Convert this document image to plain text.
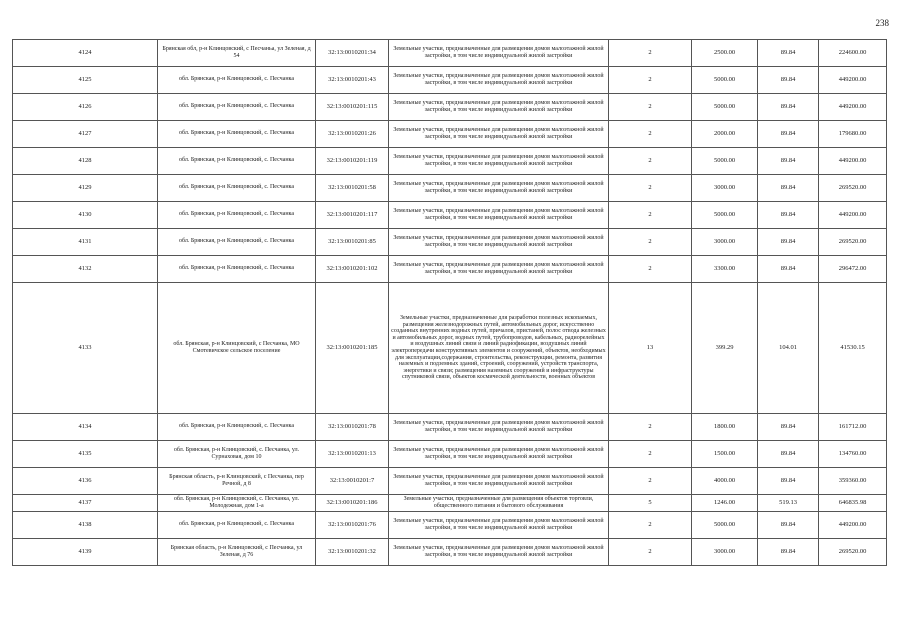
238
4124	Брянская обл, р-н Клинцовский, с Песчаньа, ул Зеленая, д 54	32:13:0010201:34	Земельные участки, предназначенные для размещения домов малоэтажной жилой застройки, в том числе индивидуальной жилой застройки	2	2500.00	89.84	224600.00
4125	обл. Брянская, р-н Клинцовский, с. Песчанка	32:13:0010201:43	Земельные участки, предназначенные для размещения домов малоэтажной жилой застройки, в том числе индивидуальной жилой застройки	2	5000.00	89.84	449200.00
4126	обл. Брянская, р-н Клинцовский, с. Песчанка	32:13:0010201:115	Земельные участки, предназначенные для размещения домов малоэтажной жилой застройки, в том числе индивидуальной жилой застройки	2	5000.00	89.84	449200.00
4127	обл. Брянская, р-н Клинцовский, с. Песчанка	32:13:0010201:26	Земельные участки, предназначенные для размещения домов малоэтажной жилой застройки, в том числе индивидуальной жилой застройки	2	2000.00	89.84	179680.00
4128	обл. Брянская, р-н Клинцовский, с. Песчанка	32:13:0010201:119	Земельные участки, предназначенные для размещения домов малоэтажной жилой застройки, в том числе индивидуальной жилой застройки	2	5000.00	89.84	449200.00
4129	обл. Брянская, р-н Клинцовский, с. Песчанка	32:13:0010201:58	Земельные участки, предназначенные для размещения домов малоэтажной жилой застройки, в том числе индивидуальной жилой застройки	2	3000.00	89.84	269520.00
4130	обл. Брянская, р-н Клинцовский, с. Песчанка	32:13:0010201:117	Земельные участки, предназначенные для размещения домов малоэтажной жилой застройки, в том числе индивидуальной жилой застройки	2	5000.00	89.84	449200.00
4131	обл. Брянская, р-н Клинцовский, с. Песчанка	32:13:0010201:85	Земельные участки, предназначенные для размещения домов малоэтажной жилой застройки, в том числе индивидуальной жилой застройки	2	3000.00	89.84	269520.00
4132	обл. Брянская, р-н Клинцовский, с. Песчанка	32:13:0010201:102	Земельные участки, предназначенные для размещения домов малоэтажной жилой застройки, в том числе индивидуальной жилой застройки	2	3300.00	89.84	296472.00
4133	обл. Брянская, р-н Клинцовский, с Песчанка, МО Смотевичское сельское поселение	32:13:0010201:185	Земельные участки, предназначенные для разработки полезных ископаемых, размещения железнодорожных путей, автомобильных дорог, искусственно созданных внутренних водных путей, причалов, пристаней, полос отвода железных и автомобильных дорог, водных путей, трубопроводов, кабельных, радиорелейных и воздушных линий связи и линий радиофикации, воздушных линий электропередачи конструктивных элементов и сооружений, объектов, необходимых для эксплуатации,содержания, строительства, реконструкции, ремонта, развития наземных и подземных зданий, строений, сооружений, устройств транспорта, энергетики и связи; размещения наземных сооружений и инфраструктуры спутниковой связи, объектов космической деятельности, военных объектов	13	399.29	104.01	41530.15
4134	обл. Брянская, р-н Клинцовский, с. Песчанка	32:13:0010201:78	Земельные участки, предназначенные для размещения домов малоэтажной жилой застройки, в том числе индивидуальной жилой застройки	2	1800.00	89.84	161712.00
4135	обл. Брянская, р-н Клинцовский, с. Песчанка, ул. Сурнаховая, дом 10	32:13:0010201:13	Земельные участки, предназначенные для размещения домов малоэтажной жилой застройки, в том числе индивидуальной жилой застройки	2	1500.00	89.84	134760.00
4136	Брянская область, р-н Клинцовский, с Песчанка, пер Речной, д 8	32:13:0010201:7	Земельные участки, предназначенные для размещения домов малоэтажной жилой застройки, в том числе индивидуальной жилой застройки	2	4000.00	89.84	359360.00
4137	обл. Брянская, р-н Клинцовский, с. Песчанка, ул. Молодежная, дом 1-а	32:13:0010201:186	Земельные участки, предназначенные для размещения объектов торговли, общественного питания и бытового обслуживания	5	1246.00	519.13	646835.98
4138	обл. Брянская, р-н Клинцовский, с. Песчанка	32:13:0010201:76	Земельные участки, предназначенные для размещения домов малоэтажной жилой застройки, в том числе индивидуальной жилой застройки	2	5000.00	89.84	449200.00
4139	Брянская область, р-н Клинцовский, с Песчанка, ул Зеленая, д 76	32:13:0010201:32	Земельные участки, предназначенные для размещения домов малоэтажной жилой застройки, в том числе индивидуальной жилой застройки	2	3000.00	89.84	269520.00
